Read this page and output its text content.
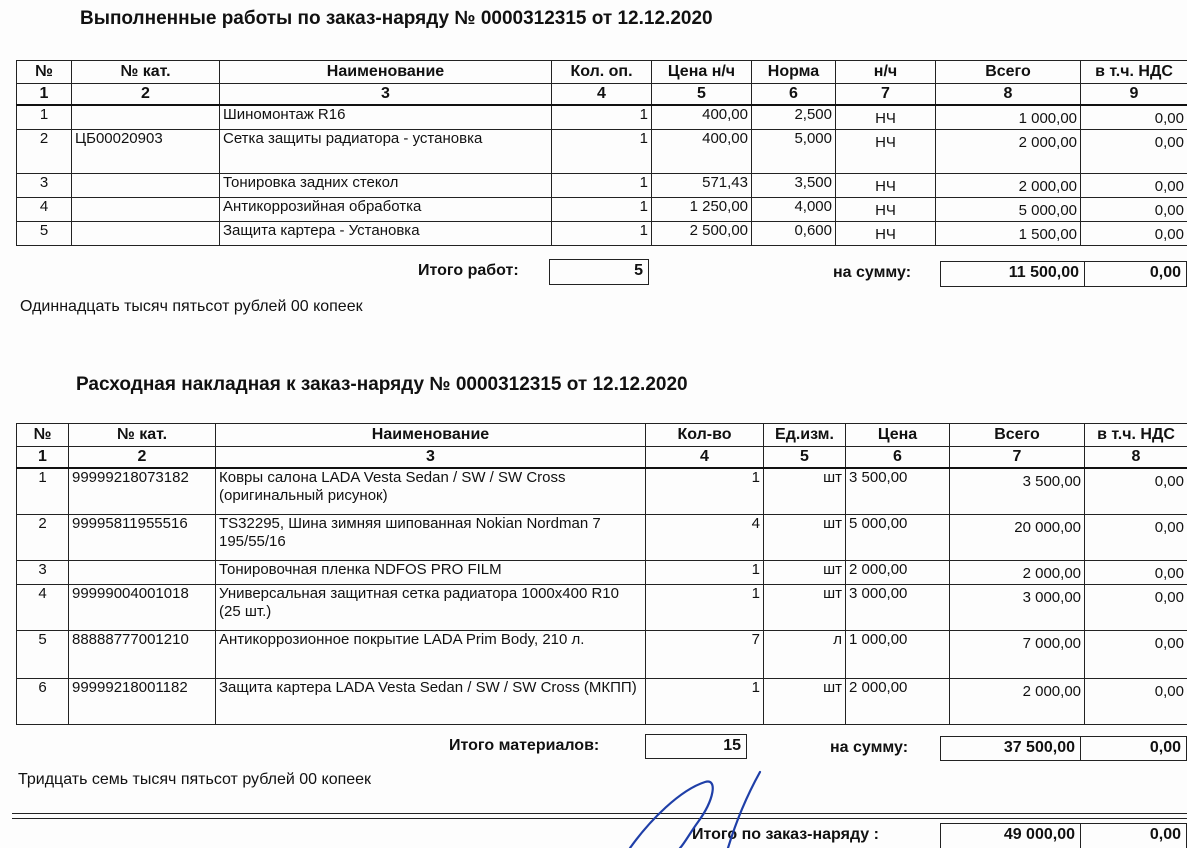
Выполненные работы по заказ-наряду № 0000312315 от 12.12.2020
№	№ кат.	Наименование	Кол. оп.	Цена н/ч	Норма	н/ч	Всего	в т.ч. НДС
1	2	3	4	5	6	7	8	9
1		Шиномонтаж R16	1	400,00	2,500	НЧ	1 000,00	0,00
2	ЦБ00020903	Сетка защиты радиатора - установка	1	400,00	5,000	НЧ	2 000,00	0,00
3		Тонировка задних стекол	1	571,43	3,500	НЧ	2 000,00	0,00
4		Антикоррозийная обработка	1	1 250,00	4,000	НЧ	5 000,00	0,00
5		Защита картера - Установка	1	2 500,00	0,600	НЧ	1 500,00	0,00
Итого работ:	5	на сумму:	11 500,00	0,00
Одиннадцать тысяч пятьсот рублей 00 копеек
Расходная накладная к заказ-наряду № 0000312315 от 12.12.2020
№	№ кат.	Наименование	Кол-во	Ед.изм.	Цена	Всего	в т.ч. НДС
1	2	3	4	5	6	7	8
1	99999218073182	Ковры салона LADA Vesta Sedan / SW / SW Cross (оригинальный рисунок)	1	шт	3 500,00	3 500,00	0,00
2	99995811955516	TS32295, Шина зимняя шипованная Nokian Nordman 7 195/55/16	4	шт	5 000,00	20 000,00	0,00
3		Тонировочная пленка NDFOS PRO FILM	1	шт	2 000,00	2 000,00	0,00
4	99999004001018	Универсальная защитная сетка радиатора 1000x400 R10 (25 шт.)	1	шт	3 000,00	3 000,00	0,00
5	88888777001210	Антикоррозионное покрытие LADA Prim Body, 210 л.	7	л	1 000,00	7 000,00	0,00
6	99999218001182	Защита картера LADA Vesta Sedan / SW / SW Cross (МКПП)	1	шт	2 000,00	2 000,00	0,00
Итого материалов:	15	на сумму:	37 500,00	0,00
Тридцать семь тысяч пятьсот рублей 00 копеек
Итого по заказ-наряду :	49 000,00	0,00
